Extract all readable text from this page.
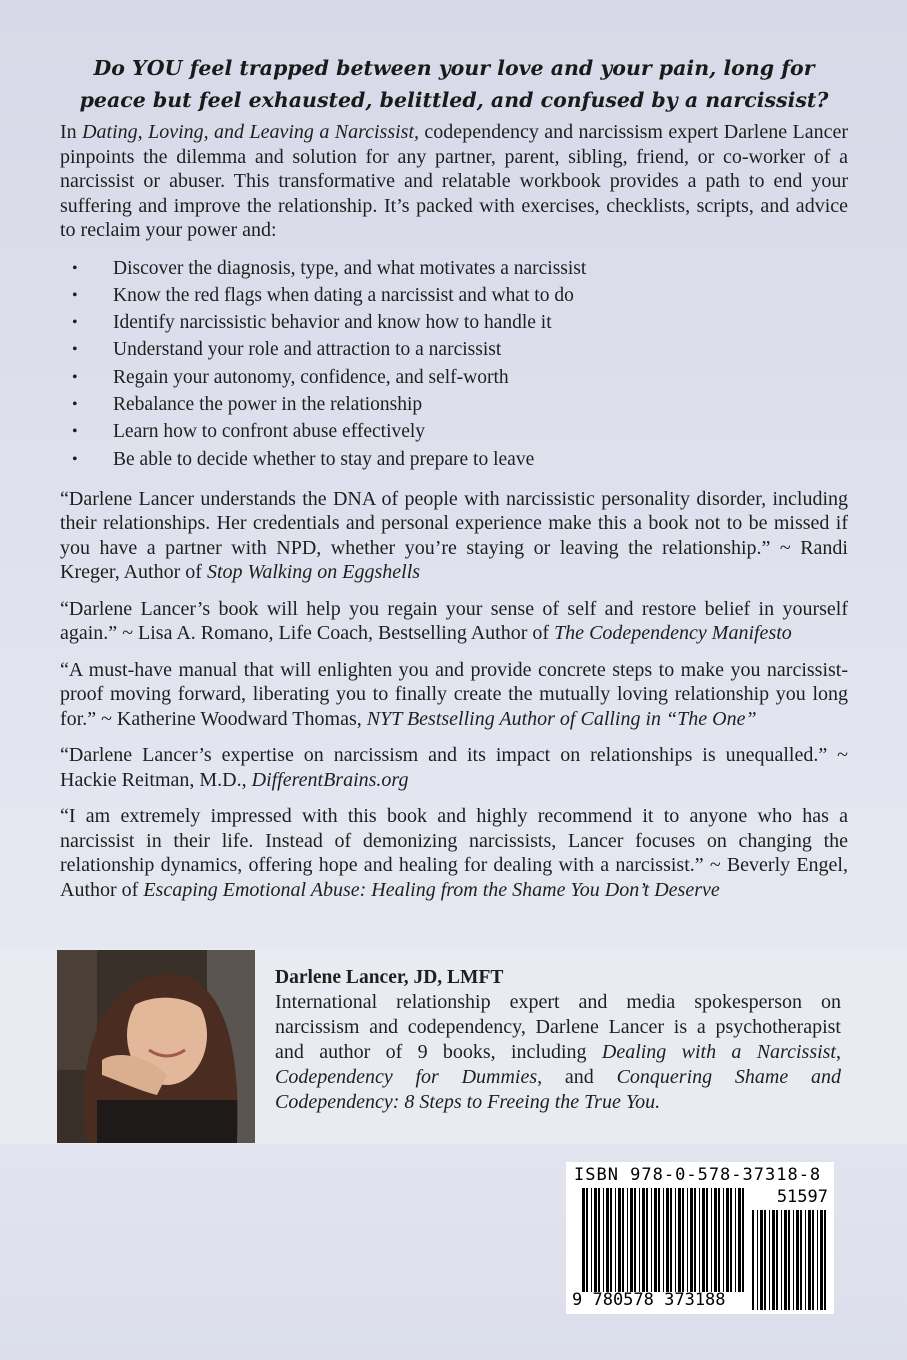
Do YOU feel trapped between your love and your pain, long for peace but feel exhausted, belittled, and confused by a narcissist?

In Dating, Loving, and Leaving a Narcissist, codependency and narcissism expert Darlene Lancer pinpoints the dilemma and solution for any partner, parent, sibling, friend, or co-worker of a narcissist or abuser. This transformative and relatable workbook provides a path to end your suffering and improve the relationship. It’s packed with exercises, checklists, scripts, and advice to reclaim your power and:

• Discover the diagnosis, type, and what motivates a narcissist
• Know the red flags when dating a narcissist and what to do
• Identify narcissistic behavior and know how to handle it
• Understand your role and attraction to a narcissist
• Regain your autonomy, confidence, and self-worth
• Rebalance the power in the relationship
• Learn how to confront abuse effectively
• Be able to decide whether to stay and prepare to leave

“Darlene Lancer understands the DNA of people with narcissistic personality disorder, including their relationships. Her credentials and personal experience make this a book not to be missed if you have a partner with NPD, whether you’re staying or leaving the relationship.” ~ Randi Kreger, Author of Stop Walking on Eggshells

“Darlene Lancer’s book will help you regain your sense of self and restore belief in yourself again.” ~ Lisa A. Romano, Life Coach, Bestselling Author of The Codependency Manifesto

“A must-have manual that will enlighten you and provide concrete steps to make you narcissist-proof moving forward, liberating you to finally create the mutually loving relationship you long for.” ~ Katherine Woodward Thomas, NYT Bestselling Author of Calling in “The One”

“Darlene Lancer’s expertise on narcissism and its impact on relationships is unequalled.” ~ Hackie Reitman, M.D., DifferentBrains.org

“I am extremely impressed with this book and highly recommend it to anyone who has a narcissist in their life. Instead of demonizing narcissists, Lancer focuses on changing the relationship dynamics, offering hope and healing for dealing with a narcissist.” ~ Beverly Engel, Author of Escaping Emotional Abuse: Healing from the Shame You Don’t Deserve

Darlene Lancer, JD, LMFT

International relationship expert and media spokesperson on narcissism and codependency, Darlene Lancer is a psychotherapist and author of 9 books, including Dealing with a Narcissist, Codependency for Dummies, and Conquering Shame and Codependency: 8 Steps to Freeing the True You.

ISBN 978-0-578-37318-8
51597
9 780578 373188
